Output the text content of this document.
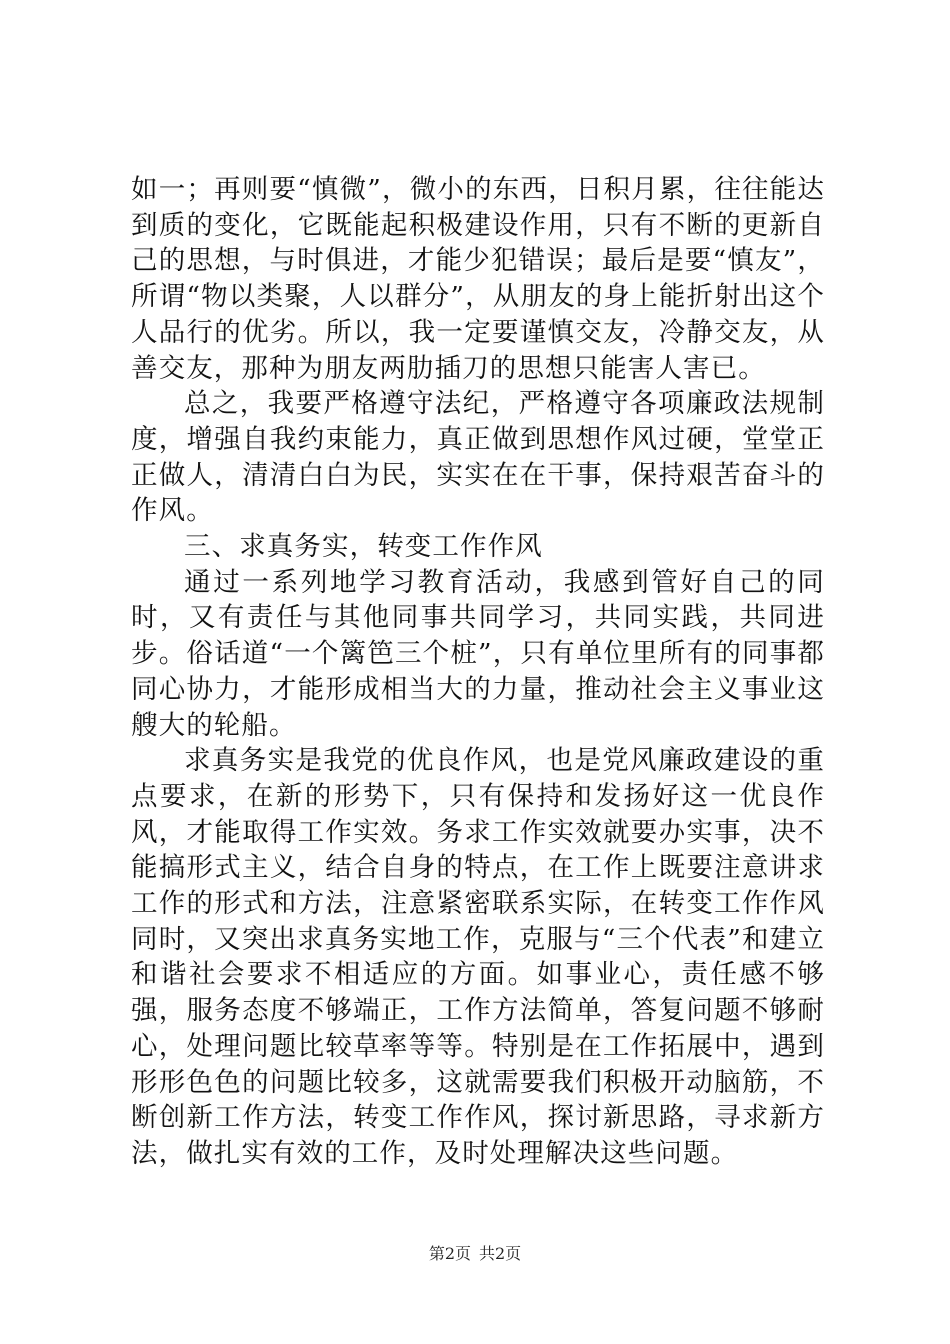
如一；再则要“慎微”，微小的东西，日积月累，往往能达到质的变化，它既能起积极建设作用，只有不断的更新自己的思想，与时俱进，才能少犯错误；最后是要“慎友”，所谓“物以类聚，人以群分”，从朋友的身上能折射出这个人品行的优劣。所以，我一定要谨慎交友，冷静交友，从善交友，那种为朋友两肋插刀的思想只能害人害已。

总之，我要严格遵守法纪，严格遵守各项廉政法规制度，增强自我约束能力，真正做到思想作风过硬，堂堂正正做人，清清白白为民，实实在在干事，保持艰苦奋斗的作风。

三、求真务实，转变工作作风

通过一系列地学习教育活动，我感到管好自己的同时，又有责任与其他同事共同学习，共同实践，共同进步。俗话道“一个篱笆三个桩”，只有单位里所有的同事都同心协力，才能形成相当大的力量，推动社会主义事业这艘大的轮船。

求真务实是我党的优良作风，也是党风廉政建设的重点要求，在新的形势下，只有保持和发扬好这一优良作风，才能取得工作实效。务求工作实效就要办实事，决不能搞形式主义，结合自身的特点，在工作上既要注意讲求工作的形式和方法，注意紧密联系实际，在转变工作作风同时，又突出求真务实地工作，克服与“三个代表”和建立和谐社会要求不相适应的方面。如事业心，责任感不够强，服务态度不够端正，工作方法简单，答复问题不够耐心，处理问题比较草率等等。特别是在工作拓展中，遇到形形色色的问题比较多，这就需要我们积极开动脑筋，不断创新工作方法，转变工作作风，探讨新思路，寻求新方法，做扎实有效的工作，及时处理解决这些问题。

第2页 共2页
